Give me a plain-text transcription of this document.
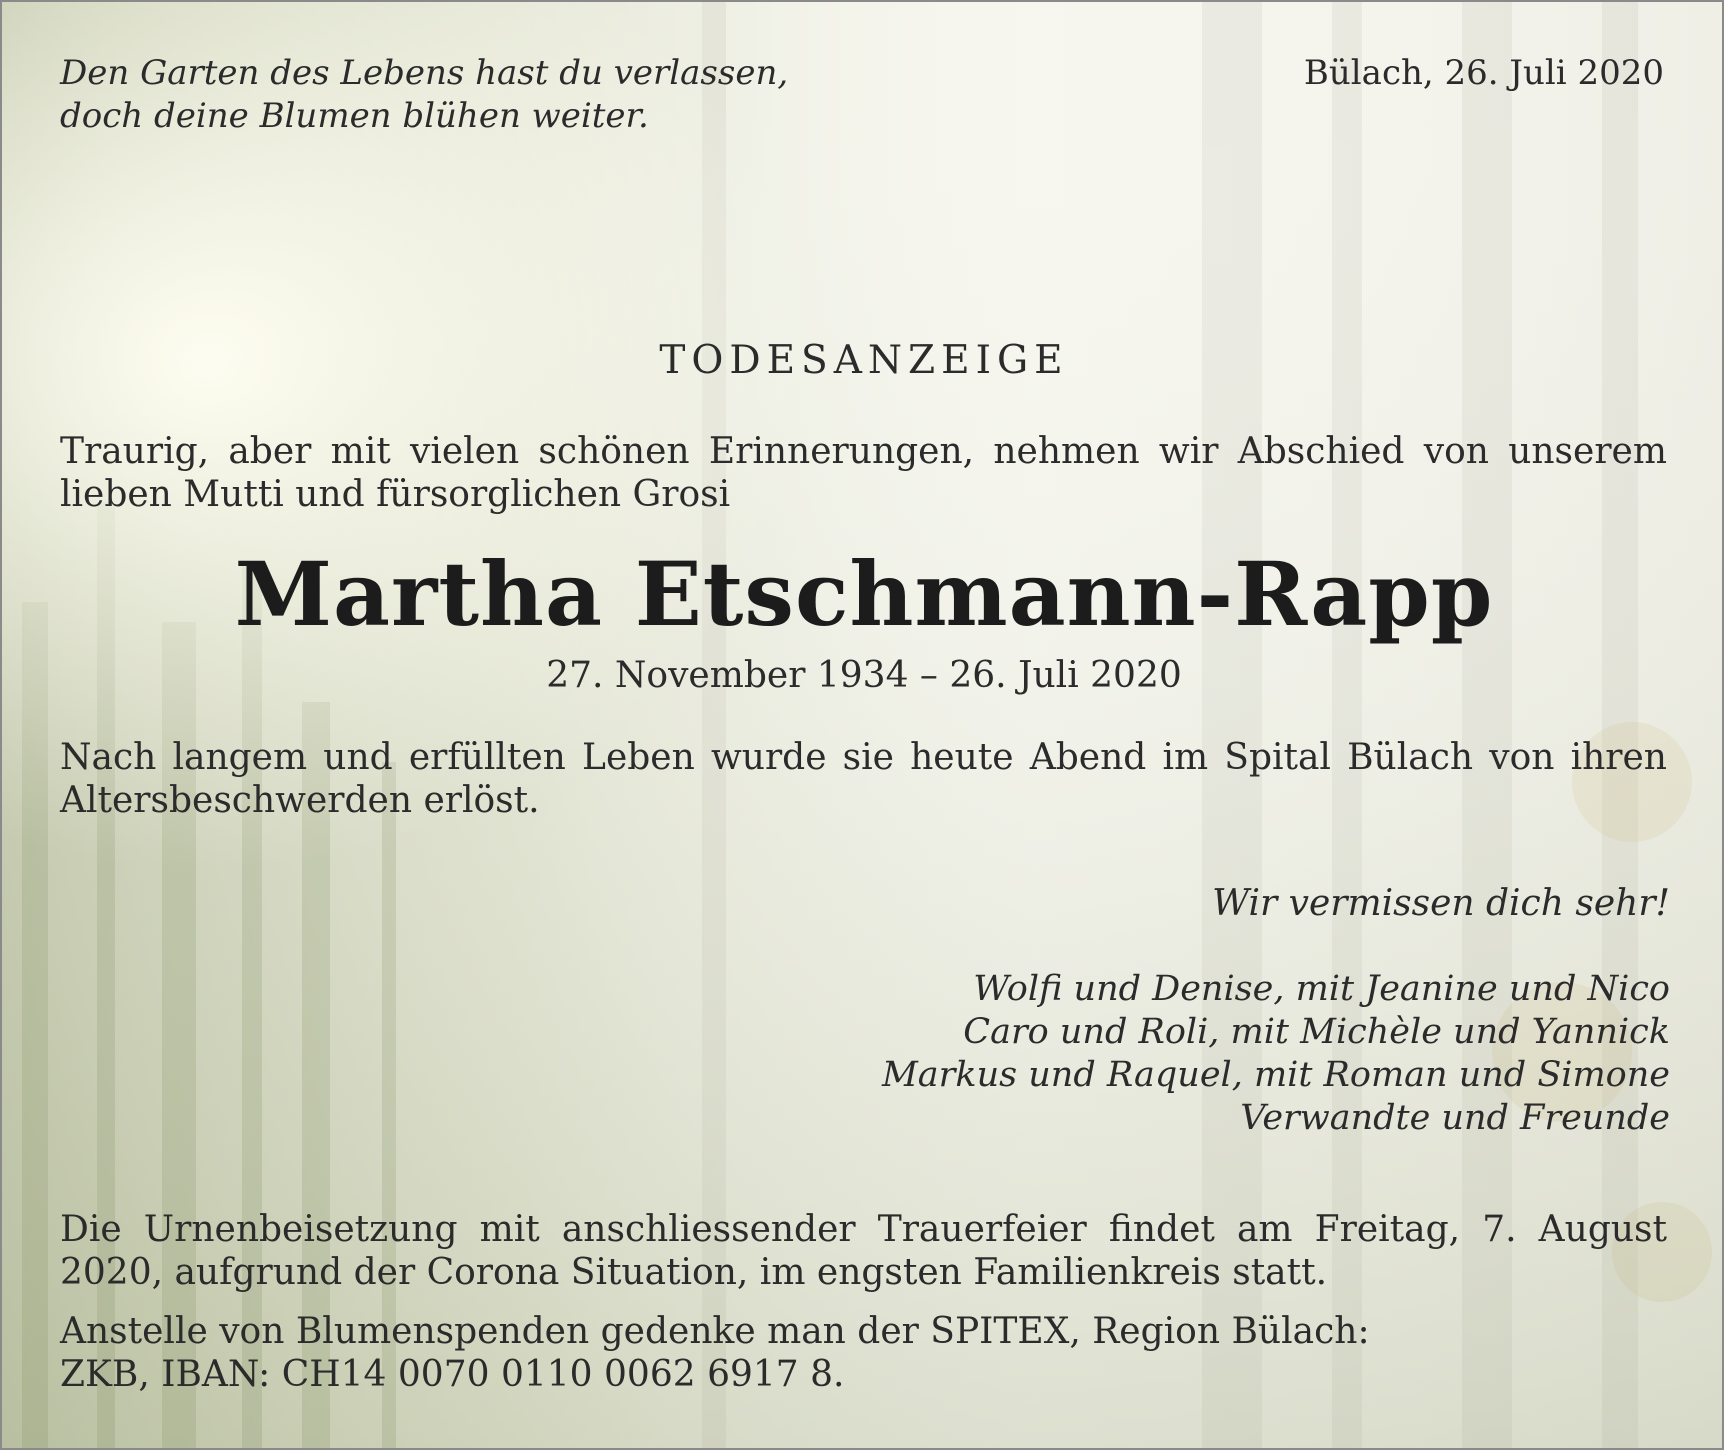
Den Garten des Lebens hast du verlassen,
doch deine Blumen blühen weiter.
Bülach, 26. Juli 2020
TODESANZEIGE

Traurig, aber mit vielen schönen Erinnerungen, nehmen wir Abschied von unserem lieben Mutti und fürsorglichen Grosi

Martha Etschmann-Rapp
27. November 1934 – 26. Juli 2020

Nach langem und erfüllten Leben wurde sie heute Abend im Spital Bülach von ihren Altersbeschwerden erlöst.

Wir vermissen dich sehr!
Wolfi und Denise, mit Jeanine und Nico
Caro und Roli, mit Michèle und Yannick
Markus und Raquel, mit Roman und Simone
Verwandte und Freunde

Die Urnenbeisetzung mit anschliessender Trauerfeier findet am Freitag, 7. August 2020, aufgrund der Corona Situation, im engsten Familienkreis statt.

Anstelle von Blumenspenden gedenke man der SPITEX, Region Bülach:
ZKB, IBAN: CH14 0070 0110 0062 6917 8.
